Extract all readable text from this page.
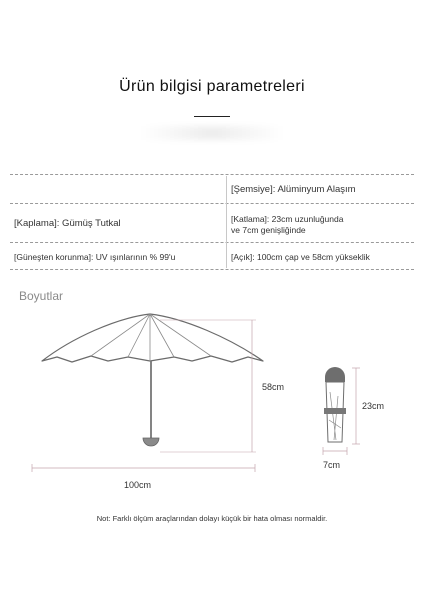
Ürün bilgisi parametreleri
[Şemsiye]: Alüminyum Alaşım
[Kaplama]: Gümüş Tutkal	[Katlama]: 23cm uzunluğunda
ve 7cm genişliğinde
[Güneşten korunma]: UV ışınlarının % 99'u	[Açık]: 100cm çap ve 58cm yükseklik
Boyutlar
58cm
100cm
23cm
7cm
Not: Farklı ölçüm araçlarından dolayı küçük bir hata olması normaldir.
